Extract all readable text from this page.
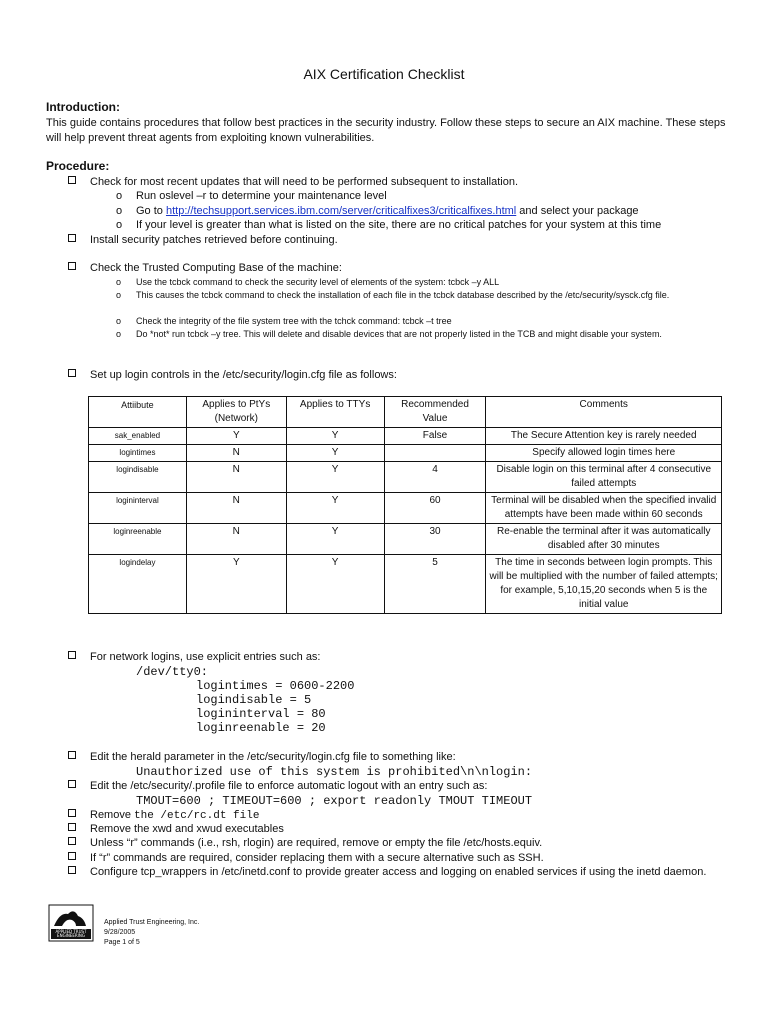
AIX Certification Checklist
Introduction:
This guide contains procedures that follow best practices in the security industry. Follow these steps to secure an AIX machine. These steps will help prevent threat agents from exploiting known vulnerabilities.
Procedure:
Check for most recent updates that will need to be performed subsequent to installation.
o Run oslevel –r to determine your maintenance level
o Go to http://techsupport.services.ibm.com/server/criticalfixes3/criticalfixes.html and select your package
o If your level is greater than what is listed on the site, there are no critical patches for your system at this time
Install security patches retrieved before continuing.
Check the Trusted Computing Base of the machine:
o Use the tcbck command to check the security level of elements of the system: tcbck –y ALL
o This causes the tcbck command to check the installation of each file in the tcbck database described by the /etc/security/sysck.cfg file.
o Check the integrity of the file system tree with the tchck command: tcbck –t tree
o Do *not* run tcbck –y tree. This will delete and disable devices that are not properly listed in the TCB and might disable your system.
Set up login controls in the /etc/security/login.cfg file as follows:
Attiibute	Applies to PtYs (Network)	Applies to TTYs	Recommended Value	Comments
sak_enabled	Y	Y	False	The Secure Attention key is rarely needed
logintimes	N	Y		Specify allowed login times here
logindisable	N	Y	4	Disable login on this terminal after 4 consecutive failed attempts
logininterval	N	Y	60	Terminal will be disabled when the specified invalid attempts have been made within 60 seconds
loginreenable	N	Y	30	Re-enable the terminal after it was automatically disabled after 30 minutes
logindelay	Y	Y	5	The time in seconds between login prompts. This will be multiplied with the number of failed attempts; for example, 5,10,15,20 seconds when 5 is the initial value
For network logins, use explicit entries such as:
/dev/tty0:
logintimes = 0600-2200
logindisable = 5
logininterval = 80
loginreenable = 20
Edit the herald parameter in the /etc/security/login.cfg file to something like:
Unauthorized use of this system is prohibited\n\nlogin:
Edit the /etc/security/.profile file to enforce automatic logout with an entry such as:
TMOUT=600 ; TIMEOUT=600 ; export readonly TMOUT TIMEOUT
Remove the /etc/rc.dt file
Remove the xwd and xwud executables
Unless “r” commands (i.e., rsh, rlogin) are required, remove or empty the file /etc/hosts.equiv.
If “r” commands are required, consider replacing them with a secure alternative such as SSH.
Configure tcp_wrappers in /etc/inetd.conf to provide greater access and logging on enabled services if using the inetd daemon.
APPLIED TRUST ENGINEERING
Applied Trust Engineering, Inc.
9/28/2005
Page 1 of 5
